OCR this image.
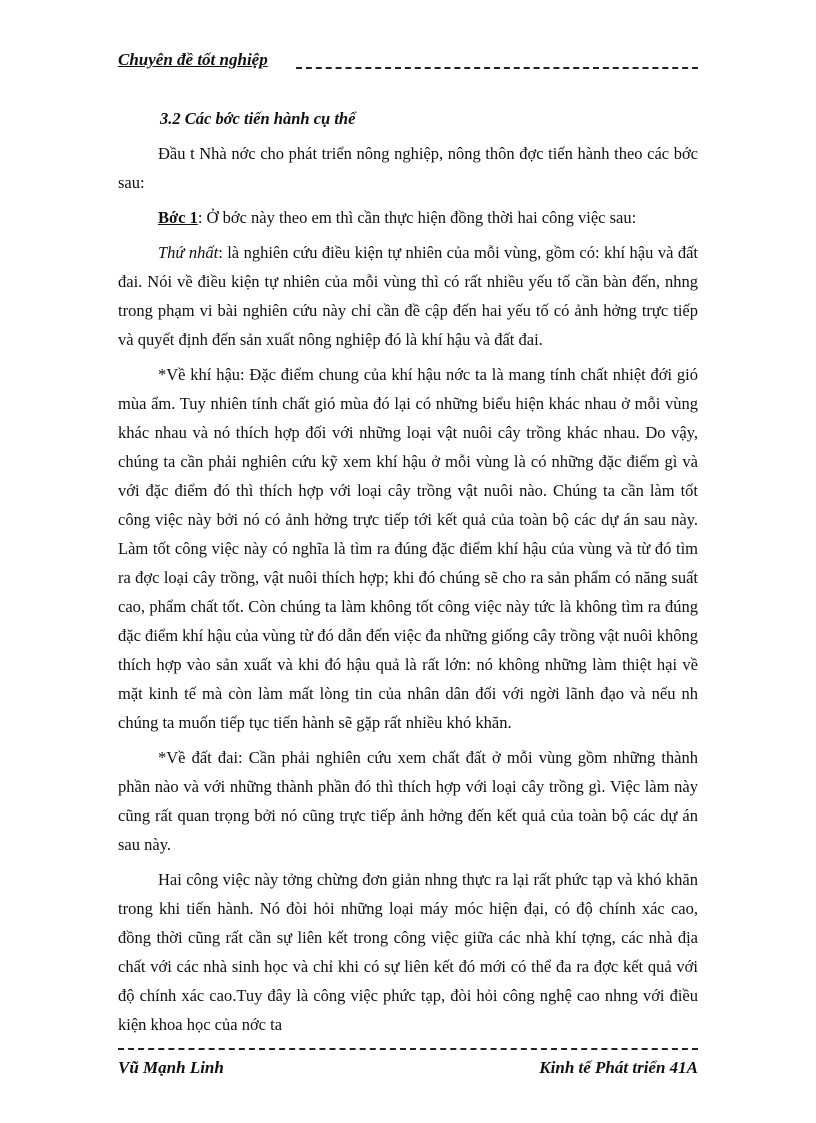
Chuyên đề tốt nghiệp
3.2 Các bớc tiến hành cụ thể

Đầu t Nhà nớc cho phát triển nông nghiệp, nông thôn đợc tiến hành theo các bớc sau:

Bớc 1: Ở bớc này theo em thì cần thực hiện đồng thời hai công việc sau:

Thứ nhất: là nghiên cứu điều kiện tự nhiên của mỗi vùng, gồm có: khí hậu và đất đai. Nói về điều kiện tự nhiên của mỗi vùng thì có rất nhiều yếu tố cần bàn đến, nhng trong phạm vi bài nghiên cứu này chỉ cần đề cập đến hai yếu tố có ảnh hởng trực tiếp và quyết định đến sản xuất nông nghiệp đó là khí hậu và đất đai.

*Về khí hậu: Đặc điểm chung của khí hậu nớc ta là mang tính chất nhiệt đới gió mùa ẩm. Tuy nhiên tính chất gió mùa đó lại có những biểu hiện khác nhau ở mỗi vùng khác nhau và nó thích hợp đối với những loại vật nuôi cây trồng khác nhau. Do vậy, chúng ta cần phải nghiên cứu kỹ xem khí hậu ở mỗi vùng là có những đặc điểm gì và với đặc điểm đó thì thích hợp với loại cây trồng vật nuôi nào. Chúng ta cần làm tốt công việc này bởi nó có ảnh hởng trực tiếp tới kết quả của toàn bộ các dự án sau này. Làm tốt công việc này có nghĩa là tìm ra đúng đặc điểm khí hậu của vùng và từ đó tìm ra đợc loại cây trồng, vật nuôi thích hợp; khi đó chúng sẽ cho ra sản phẩm có năng suất cao, phẩm chất tốt. Còn chúng ta làm không tốt công việc này tức là không tìm ra đúng đặc điểm khí hậu của vùng từ đó dẫn đến việc đa những giống cây trồng vật nuôi không thích hợp vào sản xuất và khi đó hậu quả là rất lớn: nó không những làm thiệt hại về mặt kinh tế mà còn làm mất lòng tin của nhân dân đối với ngời lãnh đạo và nếu nh chúng ta muốn tiếp tục tiến hành sẽ gặp rất nhiều khó khăn.

*Về đất đai: Cần phải nghiên cứu xem chất đất ở mỗi vùng gồm những thành phần nào và với những thành phần đó thì thích hợp với loại cây trồng gì. Việc làm này cũng rất quan trọng bởi nó cũng trực tiếp ảnh hởng đến kết quả của toàn bộ các dự án sau này.

Hai công việc này tởng chừng đơn giản nhng thực ra lại rất phức tạp và khó khăn trong khi tiến hành. Nó đòi hỏi những loại máy móc hiện đại, có độ chính xác cao, đồng thời cũng rất cần sự liên kết trong công việc giữa các nhà khí tợng, các nhà địa chất với các nhà sinh học và chỉ khi có sự liên kết đó mới có thể đa ra đợc kết quả với độ chính xác cao.Tuy đây là công việc phức tạp, đòi hỏi công nghệ cao nhng với điều kiện khoa học của nớc ta

Vũ Mạnh Linh	Kinh tế Phát triển 41A
